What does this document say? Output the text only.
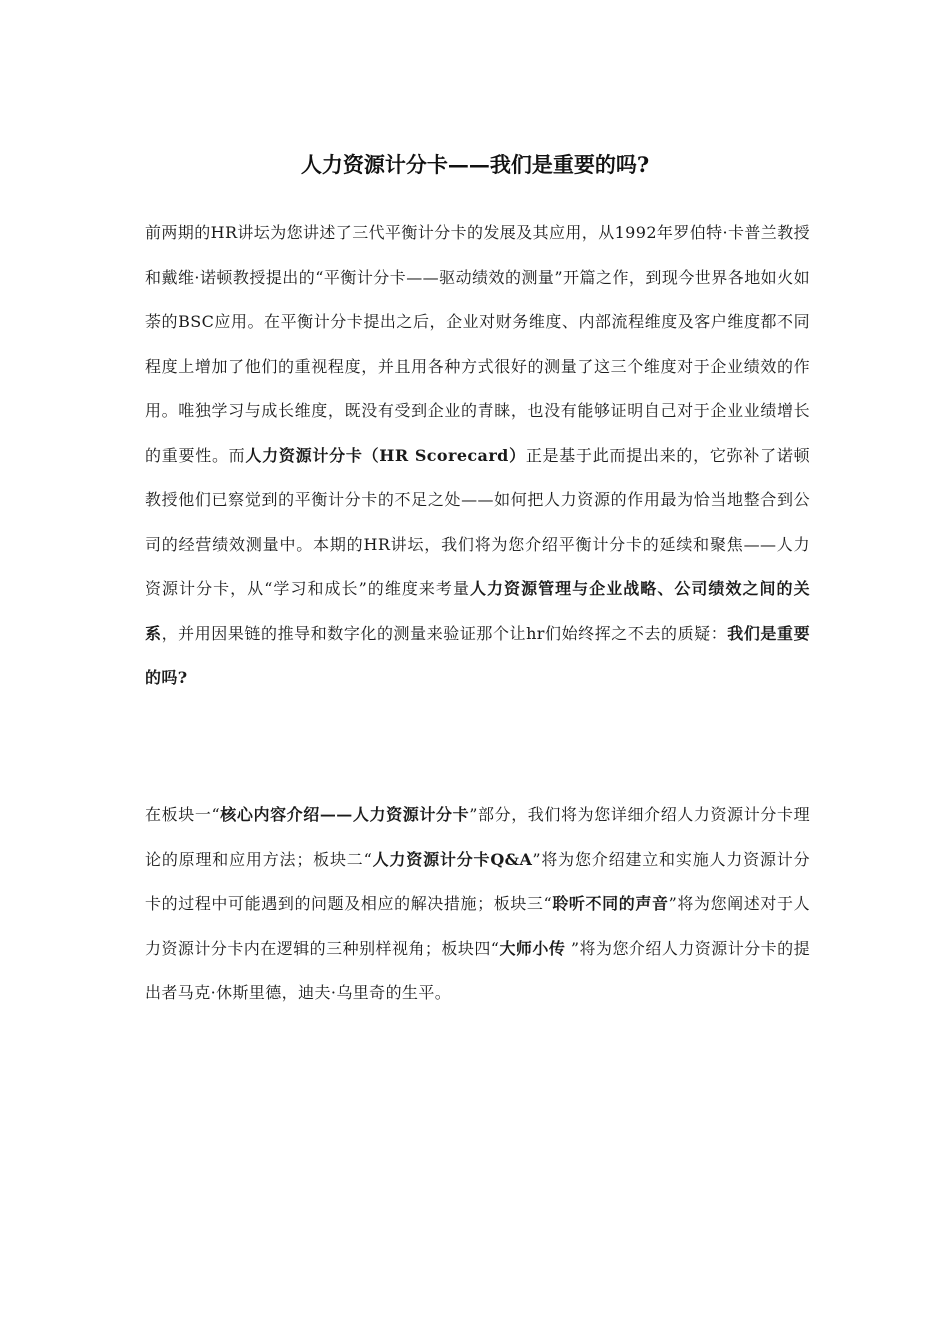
人力资源计分卡——我们是重要的吗?

前两期的HR讲坛为您讲述了三代平衡计分卡的发展及其应用，从1992年罗伯特·卡普兰教授和戴维·诺顿教授提出的“平衡计分卡——驱动绩效的测量”开篇之作，到现今世界各地如火如荼的BSC应用。在平衡计分卡提出之后，企业对财务维度、内部流程维度及客户维度都不同程度上增加了他们的重视程度，并且用各种方式很好的测量了这三个维度对于企业绩效的作用。唯独学习与成长维度，既没有受到企业的青睐，也没有能够证明自己对于企业业绩增长的重要性。而人力资源计分卡（HR Scorecard）正是基于此而提出来的，它弥补了诺顿教授他们已察觉到的平衡计分卡的不足之处——如何把人力资源的作用最为恰当地整合到公司的经营绩效测量中。本期的HR讲坛，我们将为您介绍平衡计分卡的延续和聚焦——人力资源计分卡，从“学习和成长”的维度来考量人力资源管理与企业战略、公司绩效之间的关系，并用因果链的推导和数字化的测量来验证那个让hr们始终挥之不去的质疑：我们是重要的吗?

在板块一“核心内容介绍——人力资源计分卡”部分，我们将为您详细介绍人力资源计分卡理论的原理和应用方法；板块二“人力资源计分卡Q&A”将为您介绍建立和实施人力资源计分卡的过程中可能遇到的问题及相应的解决措施；板块三“聆听不同的声音”将为您阐述对于人力资源计分卡内在逻辑的三种别样视角；板块四“大师小传 ”将为您介绍人力资源计分卡的提出者马克·休斯里德，迪夫·乌里奇的生平。
